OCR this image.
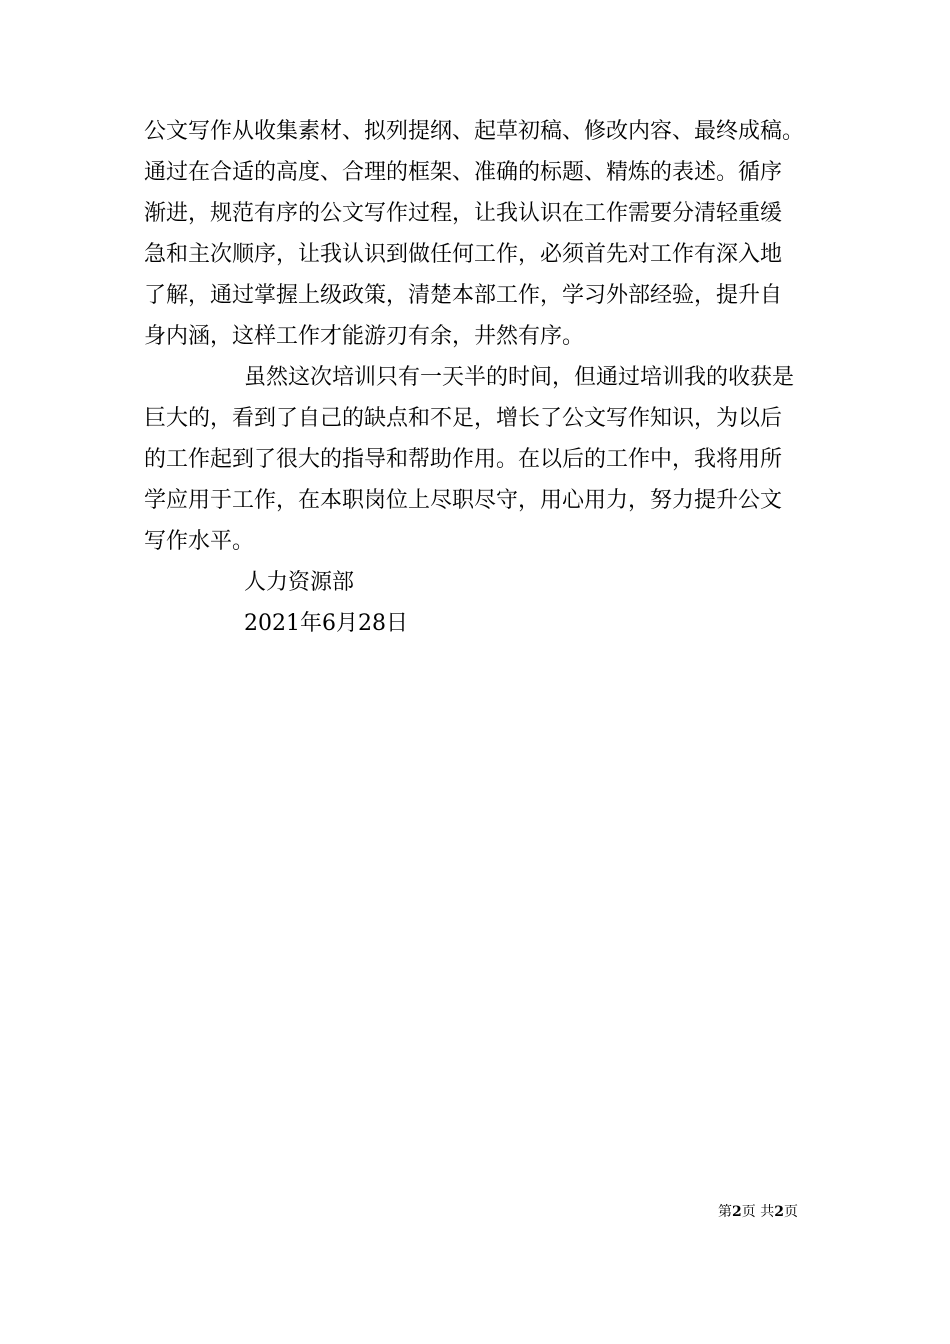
公文写作从收集素材、拟列提纲、起草初稿、修改内容、最终成稿。
通过在合适的高度、合理的框架、准确的标题、精炼的表述。循序
渐进，规范有序的公文写作过程，让我认识在工作需要分清轻重缓
急和主次顺序，让我认识到做任何工作，必须首先对工作有深入地
了解，通过掌握上级政策，清楚本部工作，学习外部经验，提升自
身内涵，这样工作才能游刃有余，井然有序。
虽然这次培训只有一天半的时间，但通过培训我的收获是
巨大的，看到了自己的缺点和不足，增长了公文写作知识，为以后
的工作起到了很大的指导和帮助作用。在以后的工作中，我将用所
学应用于工作，在本职岗位上尽职尽守，用心用力，努力提升公文
写作水平。
人力资源部
2021年6月28日
第2页 共2页
